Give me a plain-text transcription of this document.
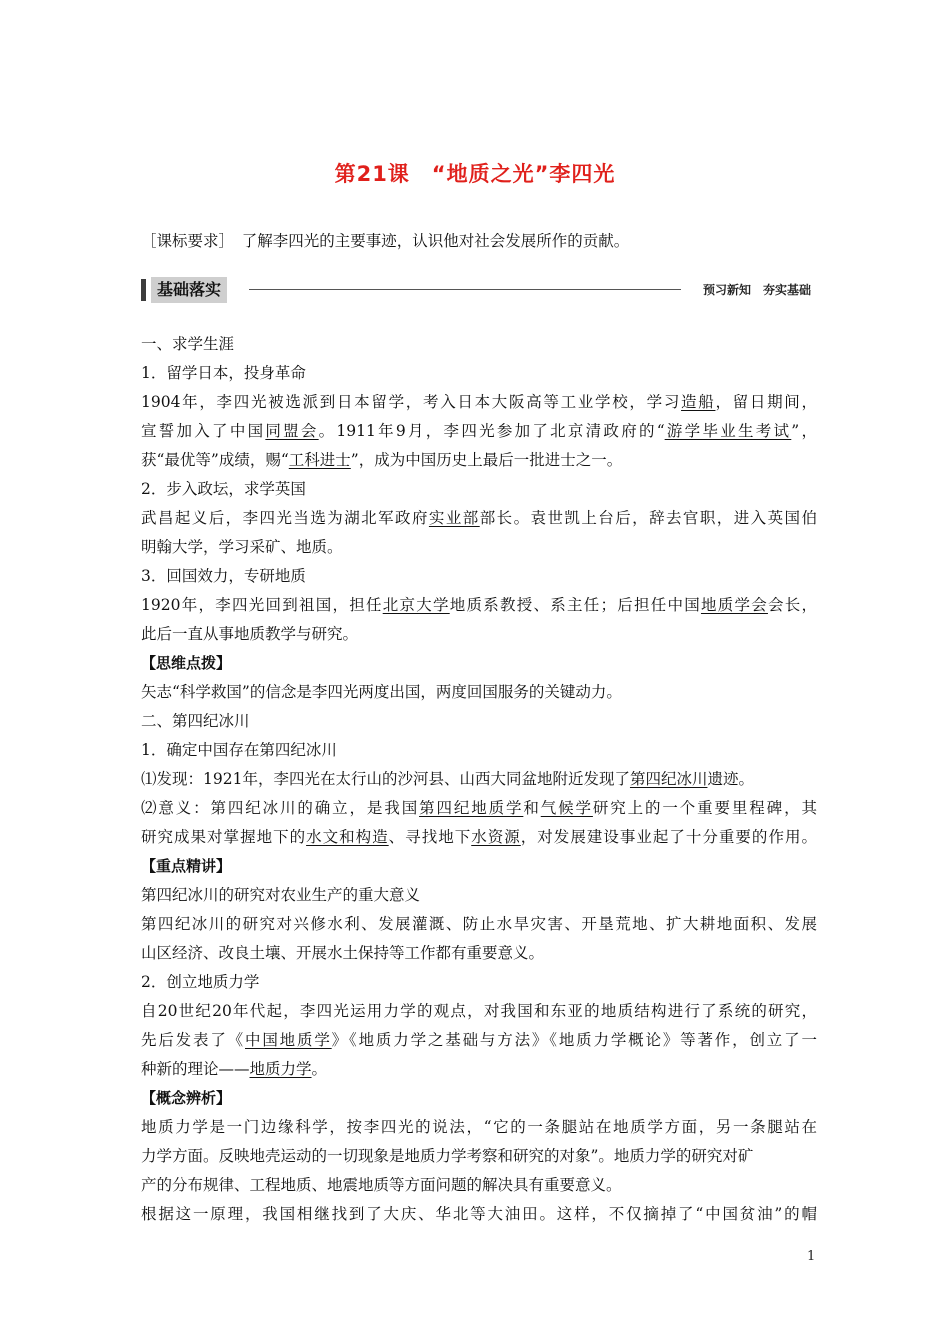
第21课　“地质之光”李四光
［课标要求］　了解李四光的主要事迹，认识他对社会发展所作的贡献。
基础落实	预习新知　夯实基础
一、求学生涯
1．留学日本，投身革命
1904年，李四光被选派到日本留学，考入日本大阪高等工业学校，学习造船，留日期间，
宣誓加入了中国同盟会。1911年9月，李四光参加了北京清政府的“游学毕业生考试”，
获“最优等”成绩，赐“工科进士”，成为中国历史上最后一批进士之一。
2．步入政坛，求学英国
武昌起义后，李四光当选为湖北军政府实业部部长。袁世凯上台后，辞去官职，进入英国伯
明翰大学，学习采矿、地质。
3．回国效力，专研地质
1920年，李四光回到祖国，担任北京大学地质系教授、系主任；后担任中国地质学会会长，
此后一直从事地质教学与研究。
【思维点拨】
矢志“科学救国”的信念是李四光两度出国，两度回国服务的关键动力。
二、第四纪冰川
1．确定中国存在第四纪冰川
⑴发现：1921年，李四光在太行山的沙河县、山西大同盆地附近发现了第四纪冰川遗迹。
⑵意义：第四纪冰川的确立，是我国第四纪地质学和气候学研究上的一个重要里程碑，其
研究成果对掌握地下的水文和构造、寻找地下水资源，对发展建设事业起了十分重要的作用。
【重点精讲】
第四纪冰川的研究对农业生产的重大意义
第四纪冰川的研究对兴修水利、发展灌溉、防止水旱灾害、开垦荒地、扩大耕地面积、发展
山区经济、改良土壤、开展水土保持等工作都有重要意义。
2．创立地质力学
自20世纪20年代起，李四光运用力学的观点，对我国和东亚的地质结构进行了系统的研究，
先后发表了《中国地质学》《地质力学之基础与方法》《地质力学概论》等著作，创立了一
种新的理论——地质力学。
【概念辨析】
地质力学是一门边缘科学，按李四光的说法，“它的一条腿站在地质学方面，另一条腿站在
力学方面。反映地壳运动的一切现象是地质力学考察和研究的对象”。地质力学的研究对矿
产的分布规律、工程地质、地震地质等方面问题的解决具有重要意义。
根据这一原理，我国相继找到了大庆、华北等大油田。这样，不仅摘掉了“中国贫油”的帽
1
